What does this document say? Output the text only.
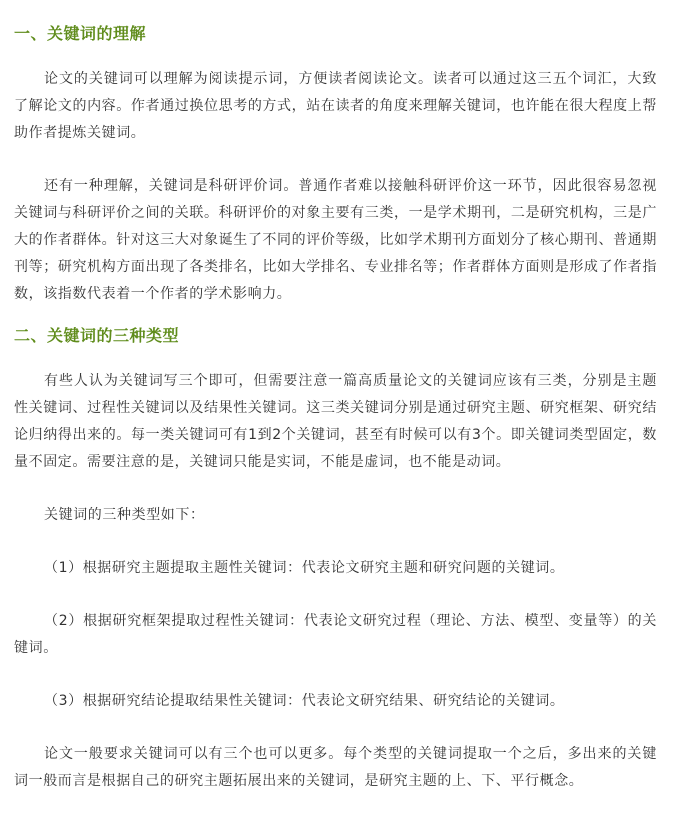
一、关键词的理解

论文的关键词可以理解为阅读提示词，方便读者阅读论文。读者可以通过这三五个词汇，大致了解论文的内容。作者通过换位思考的方式，站在读者的角度来理解关键词，也许能在很大程度上帮助作者提炼关键词。

还有一种理解，关键词是科研评价词。普通作者难以接触科研评价这一环节，因此很容易忽视关键词与科研评价之间的关联。科研评价的对象主要有三类，一是学术期刊，二是研究机构，三是广大的作者群体。针对这三大对象诞生了不同的评价等级，比如学术期刊方面划分了核心期刊、普通期刊等；研究机构方面出现了各类排名，比如大学排名、专业排名等；作者群体方面则是形成了作者指数，该指数代表着一个作者的学术影响力。

二、关键词的三种类型

有些人认为关键词写三个即可，但需要注意一篇高质量论文的关键词应该有三类，分别是主题性关键词、过程性关键词以及结果性关键词。这三类关键词分别是通过研究主题、研究框架、研究结论归纳得出来的。每一类关键词可有1到2个关键词，甚至有时候可以有3个。即关键词类型固定，数量不固定。需要注意的是，关键词只能是实词，不能是虚词，也不能是动词。

关键词的三种类型如下：

（1）根据研究主题提取主题性关键词：代表论文研究主题和研究问题的关键词。

（2）根据研究框架提取过程性关键词：代表论文研究过程（理论、方法、模型、变量等）的关键词。

（3）根据研究结论提取结果性关键词：代表论文研究结果、研究结论的关键词。

论文一般要求关键词可以有三个也可以更多。每个类型的关键词提取一个之后，多出来的关键词一般而言是根据自己的研究主题拓展出来的关键词，是研究主题的上、下、平行概念。
